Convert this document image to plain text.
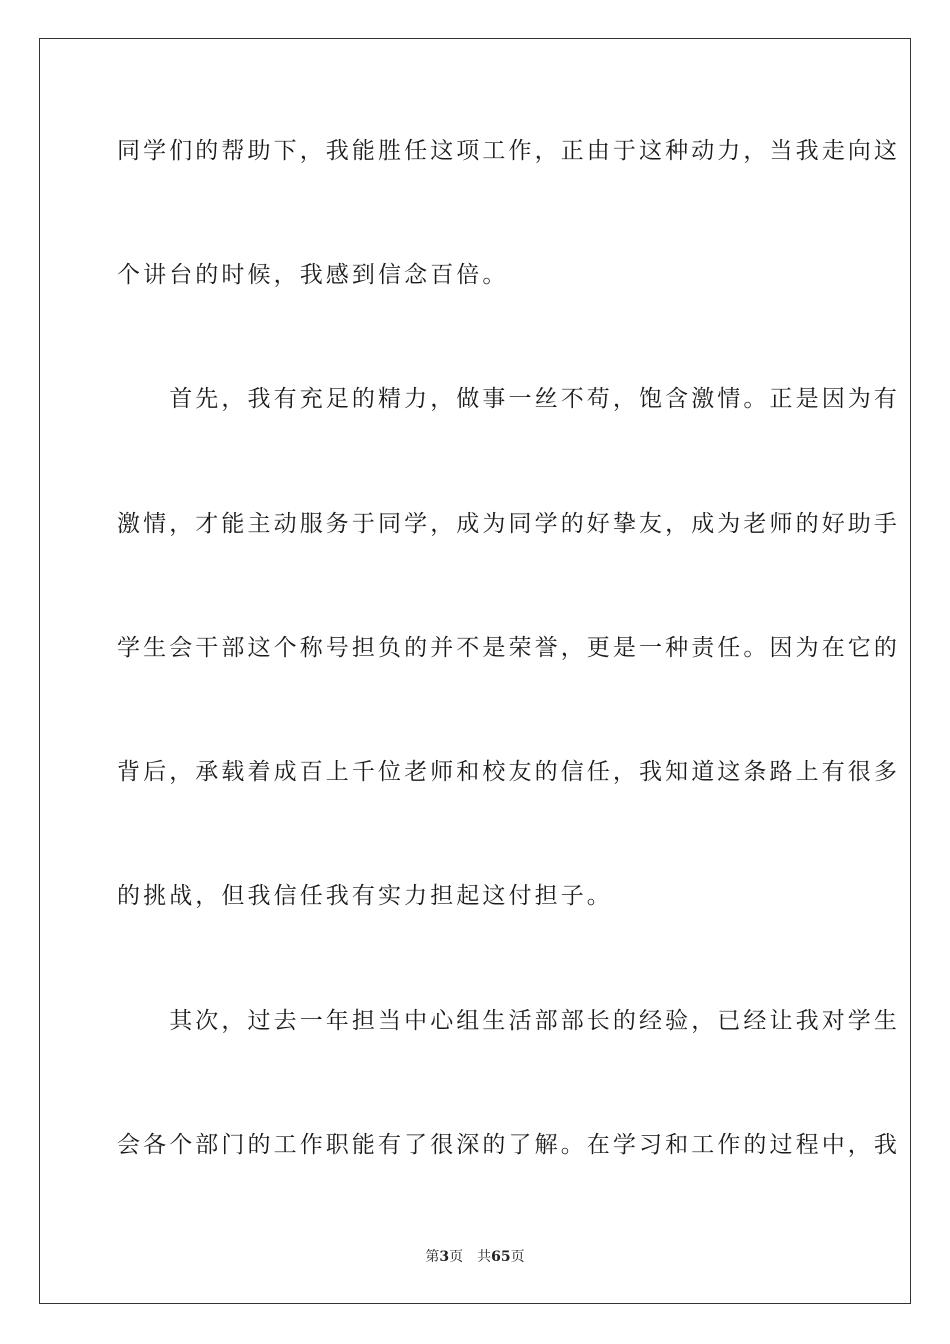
同学们的帮助下，我能胜任这项工作，正由于这种动力，当我走向这
个讲台的时候，我感到信念百倍。
　　首先，我有充足的精力，做事一丝不苟，饱含激情。正是因为有
激情，才能主动服务于同学，成为同学的好挚友，成为老师的好助手
学生会干部这个称号担负的并不是荣誉，更是一种责任。因为在它的
背后，承载着成百上千位老师和校友的信任，我知道这条路上有很多
的挑战，但我信任我有实力担起这付担子。
　　其次，过去一年担当中心组生活部部长的经验，已经让我对学生
会各个部门的工作职能有了很深的了解。在学习和工作的过程中，我
第3页 共65页
